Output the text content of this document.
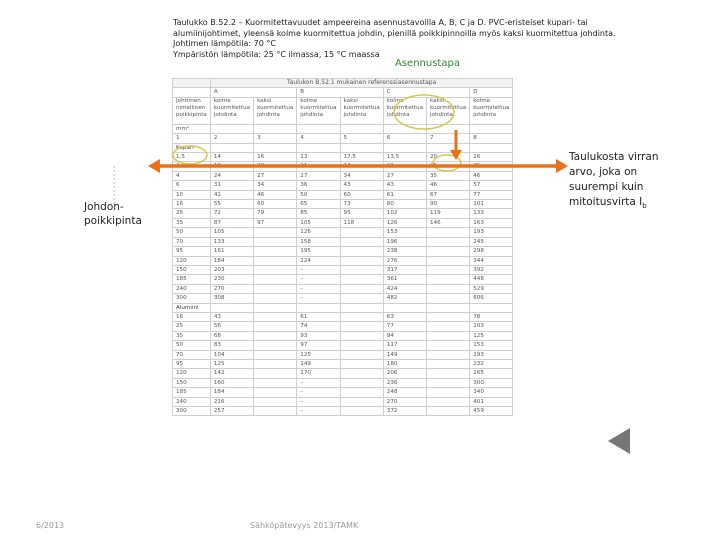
Taulukko B.52.2 – Kuormitettavuudet ampeereina asennustavoilla A, B, C ja D. PVC-eristeiset kupari- tai
alumiinijohtimet, yleensä kolme kuormitettua johdin, pienillä poikkipinnoilla myös kaksi kuormitettua johdinta.
Johtimen lämpötila: 70 °C
Ympäristön lämpötila: 25 °C ilmassa, 15 °C maassa
Asennustapa
	Taulukon B.52.1 mukainen referenssiasennustapa						
	A		B		C		D
Johtimen nimellinen poikkipinta	kolme kuormitettua johdinta	kaksi kuormitettua johdinta	kolme kuormitettua johdinta	kaksi kuormitettua johdinta	kolme kuormitettua johdinta	kaksi kuormitettua johdinta	kolme kuormitettua johdinta
mm²							
1	2	3	4	5	6	7	8
Kupari							
1,5	14	16	13	17,5	13,5	20	26
2,5	19	20	21	24	21	25	35
4	24	27	27	34	27	35	46
6	31	34	36	43	43	46	57
10	41	46	50	60	61	67	77
16	55	60	65	73	80	90	101
25	72	79	85	95	102	119	133
35	87	97	105	118	126	146	163
50	105		126		153		193
70	133		158		196		245
95	161		195		238		298
120	184		224		276		344
150	203		–		317		392
185	230		–		361		448
240	270		–		424		529
300	308		–		482		606
Alumiini							
16	43		61		63		78
25	56		74		77		103
35	68		93		94		125
50	83		97		117		153
70	104		125		149		193
95	125		149		180		232
120	142		170		206		265
150	160		–		236		300
185	184		–		248		340
240	216		–		270		401
300	257		–		372		459
Johdon-
poikkipinta
Taulukosta virran
arvo, joka on
suurempi kuin
mitoitusvirta $I_b$
6/2013	Sähköpätevyys 2013/TAMK
